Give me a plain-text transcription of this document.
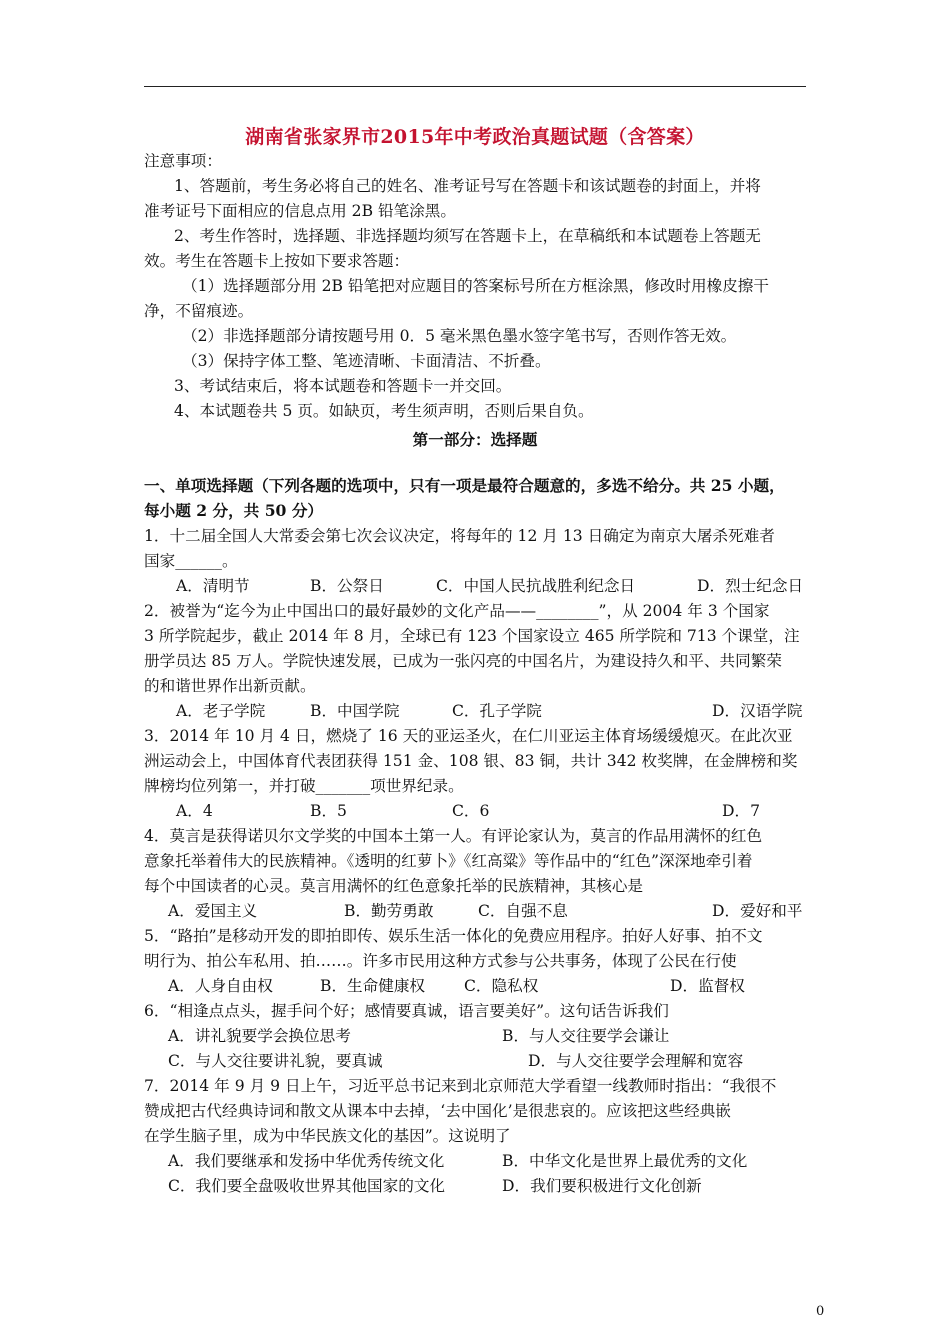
湖南省张家界市2015年中考政治真题试题（含答案）
注意事项：
1、答题前，考生务必将自己的姓名、准考证号写在答题卡和该试题卷的封面上，并将
准考证号下面相应的信息点用 2B 铅笔涂黑。
2、考生作答时，选择题、非选择题均须写在答题卡上，在草稿纸和本试题卷上答题无
效。考生在答题卡上按如下要求答题：
（1）选择题部分用 2B 铅笔把对应题目的答案标号所在方框涂黑，修改时用橡皮擦干
净，不留痕迹。
（2）非选择题部分请按题号用 0．5 毫米黑色墨水签字笔书写，否则作答无效。
（3）保持字体工整、笔迹清晰、卡面清洁、不折叠。
3、考试结束后，将本试题卷和答题卡一并交回。
4、本试题卷共 5 页。如缺页，考生须声明，否则后果自负。
第一部分：选择题
一、单项选择题（下列各题的选项中，只有一项是最符合题意的，多选不给分。共 25 小题，
每小题 2 分，共 50 分）
1．十二届全国人大常委会第七次会议决定，将每年的 12 月 13 日确定为南京大屠杀死难者
国家______。
A．清明节	B．公祭日	C．中国人民抗战胜利纪念日	D．烈士纪念日
2．被誉为“迄今为止中国出口的最好最妙的文化产品——________”，从 2004 年 3 个国家
3 所学院起步，截止 2014 年 8 月，全球已有 123 个国家设立 465 所学院和 713 个课堂，注
册学员达 85 万人。学院快速发展，已成为一张闪亮的中国名片，为建设持久和平、共同繁荣
的和谐世界作出新贡献。
A．老子学院	B．中国学院	C．孔子学院	D．汉语学院
3．2014 年 10 月 4 日，燃烧了 16 天的亚运圣火，在仁川亚运主体育场缓缓熄灭。在此次亚
洲运动会上，中国体育代表团获得 151 金、108 银、83 铜，共计 342 枚奖牌，在金牌榜和奖
牌榜均位列第一，并打破_______项世界纪录。
A．4	B．5	C．6	D．7
4．莫言是获得诺贝尔文学奖的中国本土第一人。有评论家认为，莫言的作品用满怀的红色
意象托举着伟大的民族精神。《透明的红萝卜》《红高粱》等作品中的“红色”深深地牵引着
每个中国读者的心灵。莫言用满怀的红色意象托举的民族精神，其核心是
A．爱国主义	B．勤劳勇敢	C．自强不息	D．爱好和平
5．“路拍”是移动开发的即拍即传、娱乐生活一体化的免费应用程序。拍好人好事、拍不文
明行为、拍公车私用、拍……。许多市民用这种方式参与公共事务，体现了公民在行使
A．人身自由权	B．生命健康权 C．隐私权	D．监督权
6．“相逢点点头，握手问个好；感情要真诚，语言要美好”。这句话告诉我们
A．讲礼貌要学会换位思考	B．与人交往要学会谦让
C．与人交往要讲礼貌，要真诚	D．与人交往要学会理解和宽容
7．2014 年 9 月 9 日上午，习近平总书记来到北京师范大学看望一线教师时指出：“我很不
赞成把古代经典诗词和散文从课本中去掉，‘去中国化’是很悲哀的。应该把这些经典嵌
在学生脑子里，成为中华民族文化的基因”。这说明了
A．我们要继承和发扬中华优秀传统文化	B．中华文化是世界上最优秀的文化
C．我们要全盘吸收世界其他国家的文化	D．我们要积极进行文化创新
0
